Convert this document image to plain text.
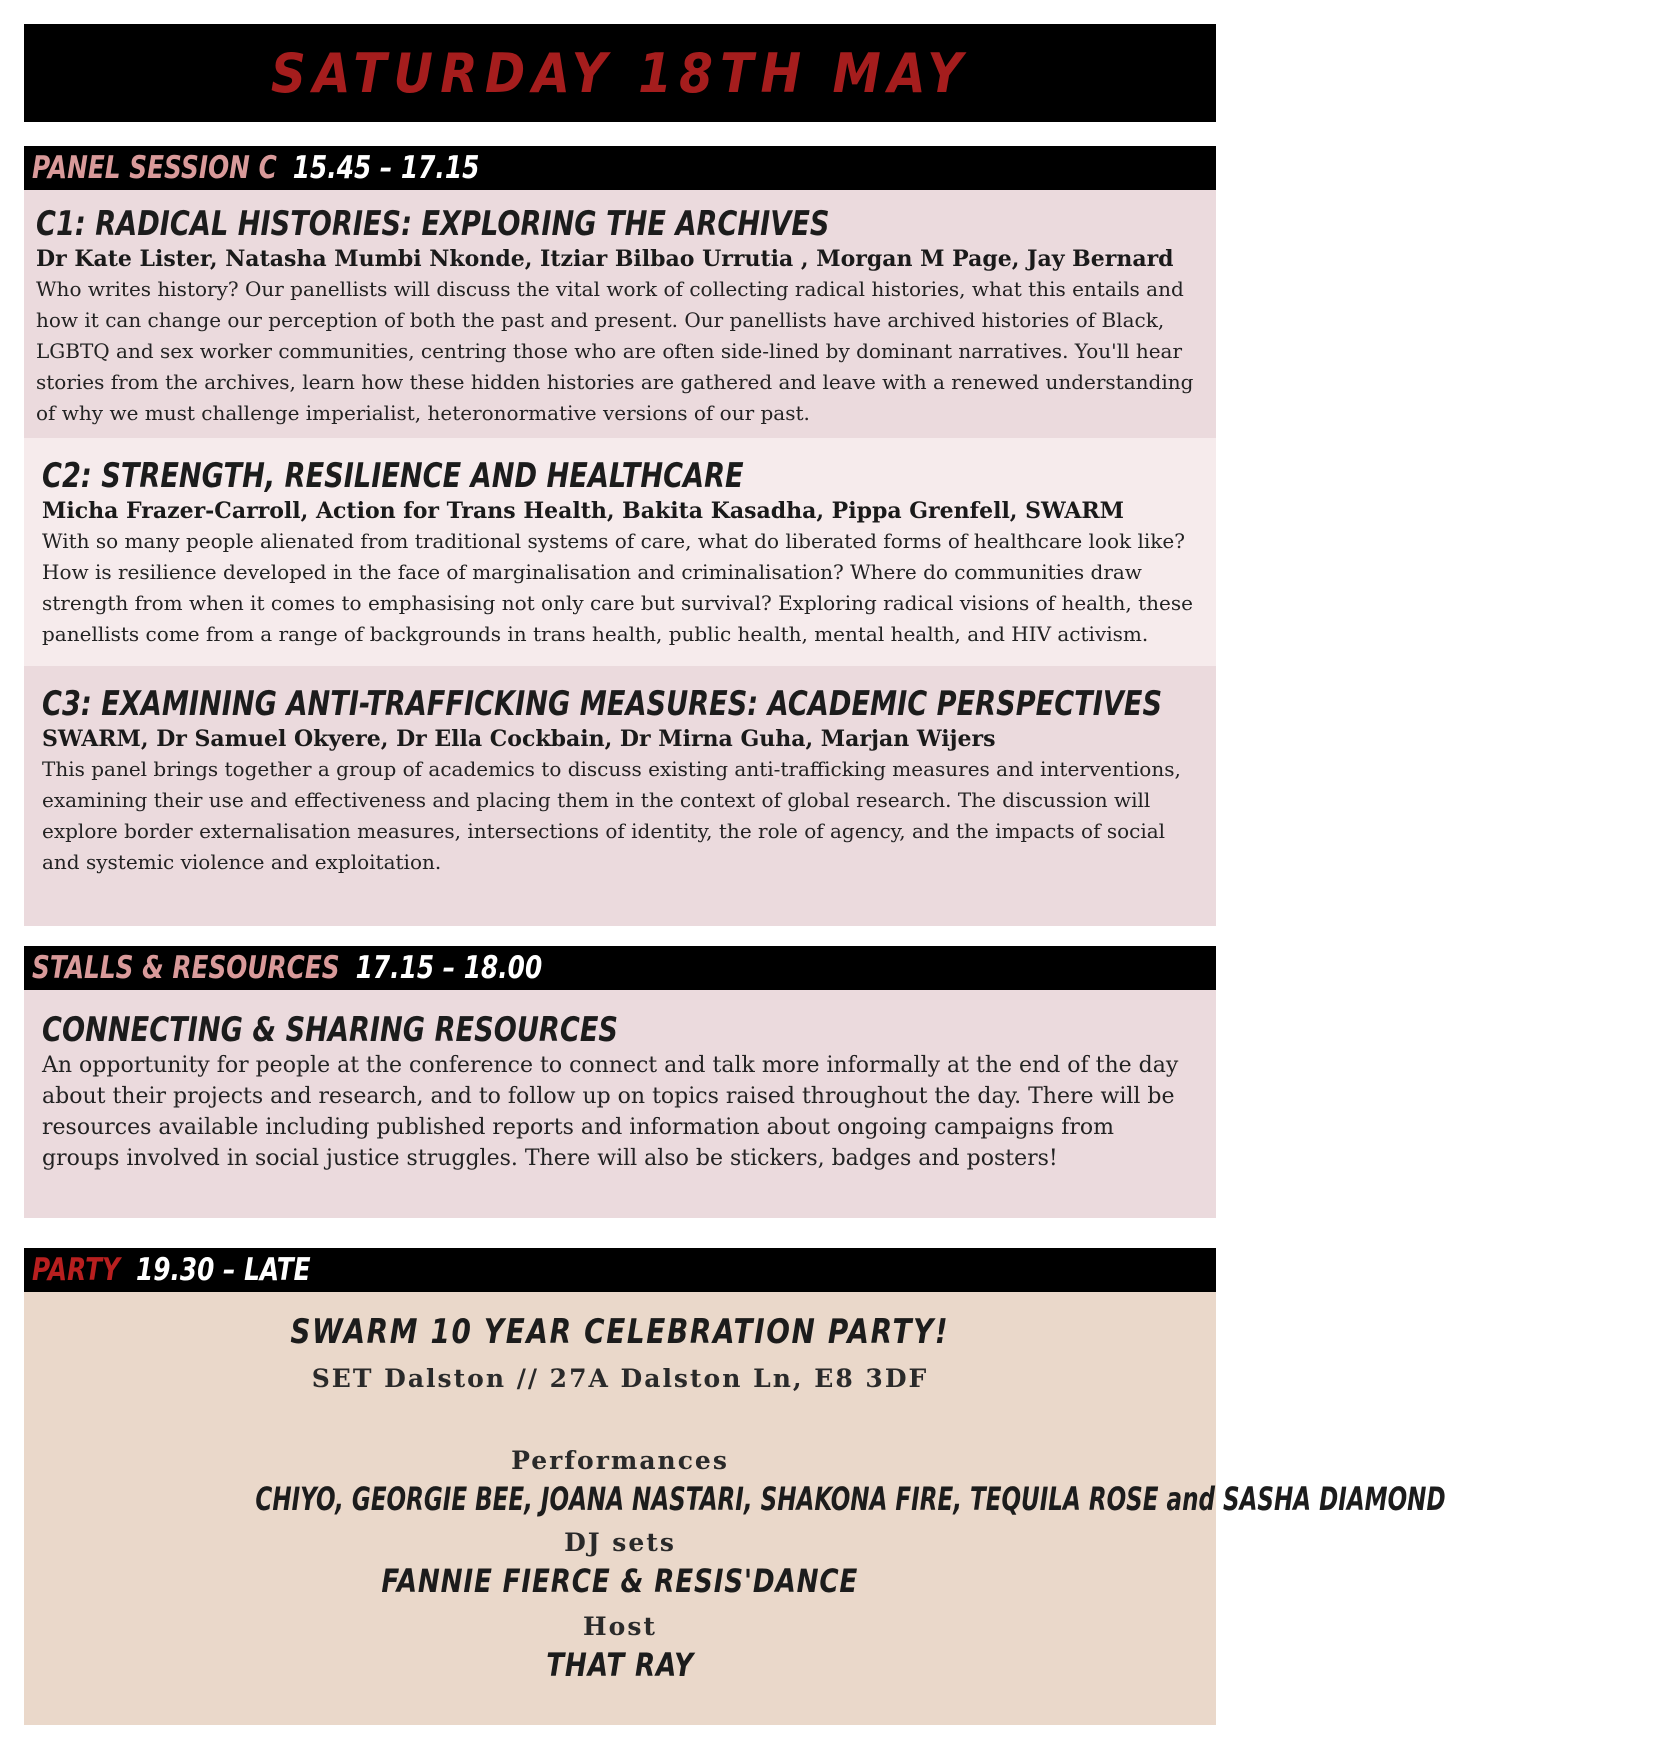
SATURDAY 18TH MAY
PANEL SESSION C 15.45 – 17.15
C1: RADICAL HISTORIES: EXPLORING THE ARCHIVES
Dr Kate Lister, Natasha Mumbi Nkonde, Itziar Bilbao Urrutia , Morgan M Page, Jay Bernard
Who writes history? Our panellists will discuss the vital work of collecting radical histories, what this entails and how it can change our perception of both the past and present. Our panellists have archived histories of Black, LGBTQ and sex worker communities, centring those who are often side-lined by dominant narratives. You'll hear stories from the archives, learn how these hidden histories are gathered and leave with a renewed understanding of why we must challenge imperialist, heteronormative versions of our past.
C2: STRENGTH, RESILIENCE AND HEALTHCARE
Micha Frazer-Carroll, Action for Trans Health, Bakita Kasadha, Pippa Grenfell, SWARM
With so many people alienated from traditional systems of care, what do liberated forms of healthcare look like? How is resilience developed in the face of marginalisation and criminalisation? Where do communities draw strength from when it comes to emphasising not only care but survival? Exploring radical visions of health, these panellists come from a range of backgrounds in trans health, public health, mental health, and HIV activism.
C3: EXAMINING ANTI-TRAFFICKING MEASURES: ACADEMIC PERSPECTIVES
SWARM, Dr Samuel Okyere, Dr Ella Cockbain, Dr Mirna Guha, Marjan Wijers
This panel brings together a group of academics to discuss existing anti-trafficking measures and interventions, examining their use and effectiveness and placing them in the context of global research. The discussion will explore border externalisation measures, intersections of identity, the role of agency, and the impacts of social and systemic violence and exploitation.
STALLS & RESOURCES 17.15 – 18.00
CONNECTING & SHARING RESOURCES
An opportunity for people at the conference to connect and talk more informally at the end of the day about their projects and research, and to follow up on topics raised throughout the day. There will be resources available including published reports and information about ongoing campaigns from groups involved in social justice struggles. There will also be stickers, badges and posters!
PARTY 19.30 – LATE
SWARM 10 YEAR CELEBRATION PARTY!
SET Dalston // 27A Dalston Ln, E8 3DF
Performances
CHIYO, GEORGIE BEE, JOANA NASTARI, SHAKONA FIRE, TEQUILA ROSE and SASHA DIAMOND
DJ sets
FANNIE FIERCE & RESIS'DANCE
Host
THAT RAY
